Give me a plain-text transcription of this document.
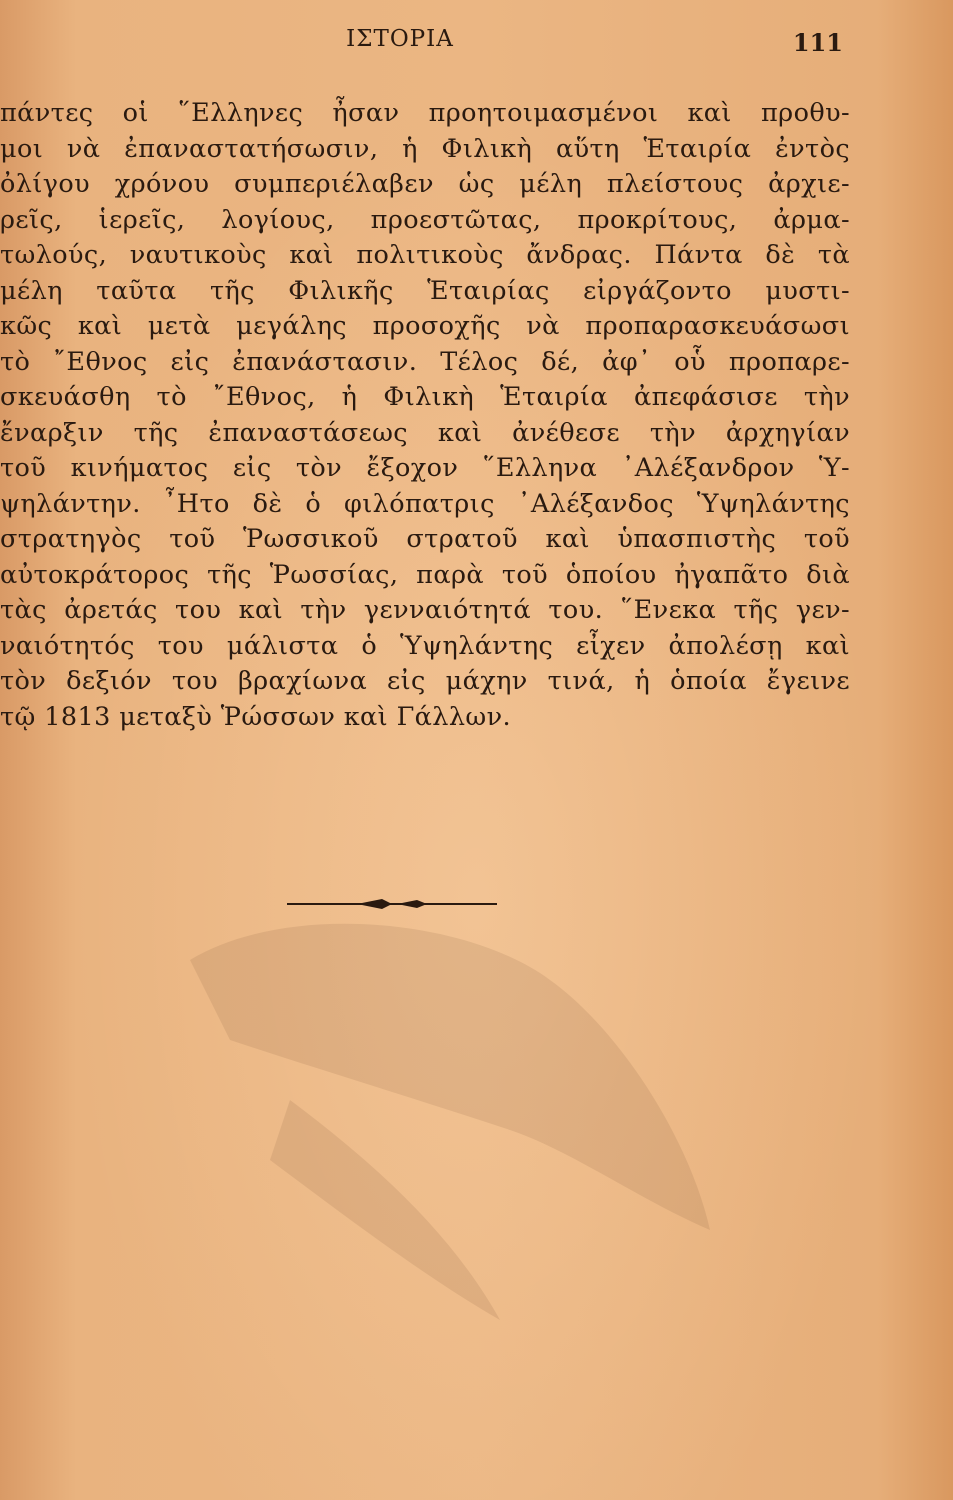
ΙΣΤΟΡΙΑ	111
πάντες οἱ ῞Ελληνες ἦσαν προητοιμασμένοι καὶ προθυ-
μοι νὰ ἐπαναστατήσωσιν, ἡ Φιλικὴ αὕτη Ἑταιρία ἐντὸς
ὀλίγου χρόνου συμπεριέλαβεν ὡς μέλη πλείστους ἀρχιε-
ρεῖς, ἱερεῖς, λογίους, προεστῶτας, προκρίτους, ἀρμα-
τωλούς, ναυτικοὺς καὶ πολιτικοὺς ἄνδρας. Πάντα δὲ τὰ
μέλη ταῦτα τῆς Φιλικῆς Ἑταιρίας εἰργάζοντο μυστι-
κῶς καὶ μετὰ μεγάλης προσοχῆς νὰ προπαρασκευάσωσι
τὸ ῎Εθνος εἰς ἐπανάστασιν. Τέλος δέ, ἀφ᾽ οὗ προπαρε-
σκευάσθη τὸ ῎Εθνος, ἡ Φιλικὴ Ἑταιρία ἀπεφάσισε τὴν
ἔναρξιν τῆς ἐπαναστάσεως καὶ ἀνέθεσε τὴν ἀρχηγίαν
τοῦ κινήματος εἰς τὸν ἔξοχον ῞Ελληνα ᾿Αλέξανδρον Ὑ-
ψηλάντην. ῏Ητο δὲ ὁ φιλόπατρις ᾿Αλέξανδος Ὑψηλάντης
στρατηγὸς τοῦ Ῥωσσικοῦ στρατοῦ καὶ ὑπασπιστὴς τοῦ
αὐτοκράτορος τῆς Ῥωσσίας, παρὰ τοῦ ὁποίου ἠγαπᾶτο διὰ
τὰς ἀρετάς του καὶ τὴν γενναιότητά του. ῞Ενεκα τῆς γεν-
ναιότητός του μάλιστα ὁ Ὑψηλάντης εἶχεν ἀπολέσῃ καὶ
τὸν δεξιόν του βραχίωνα εἰς μάχην τινά, ἡ ὁποία ἔγεινε
τῷ 1813 μεταξὺ Ῥώσσων καὶ Γάλλων.
